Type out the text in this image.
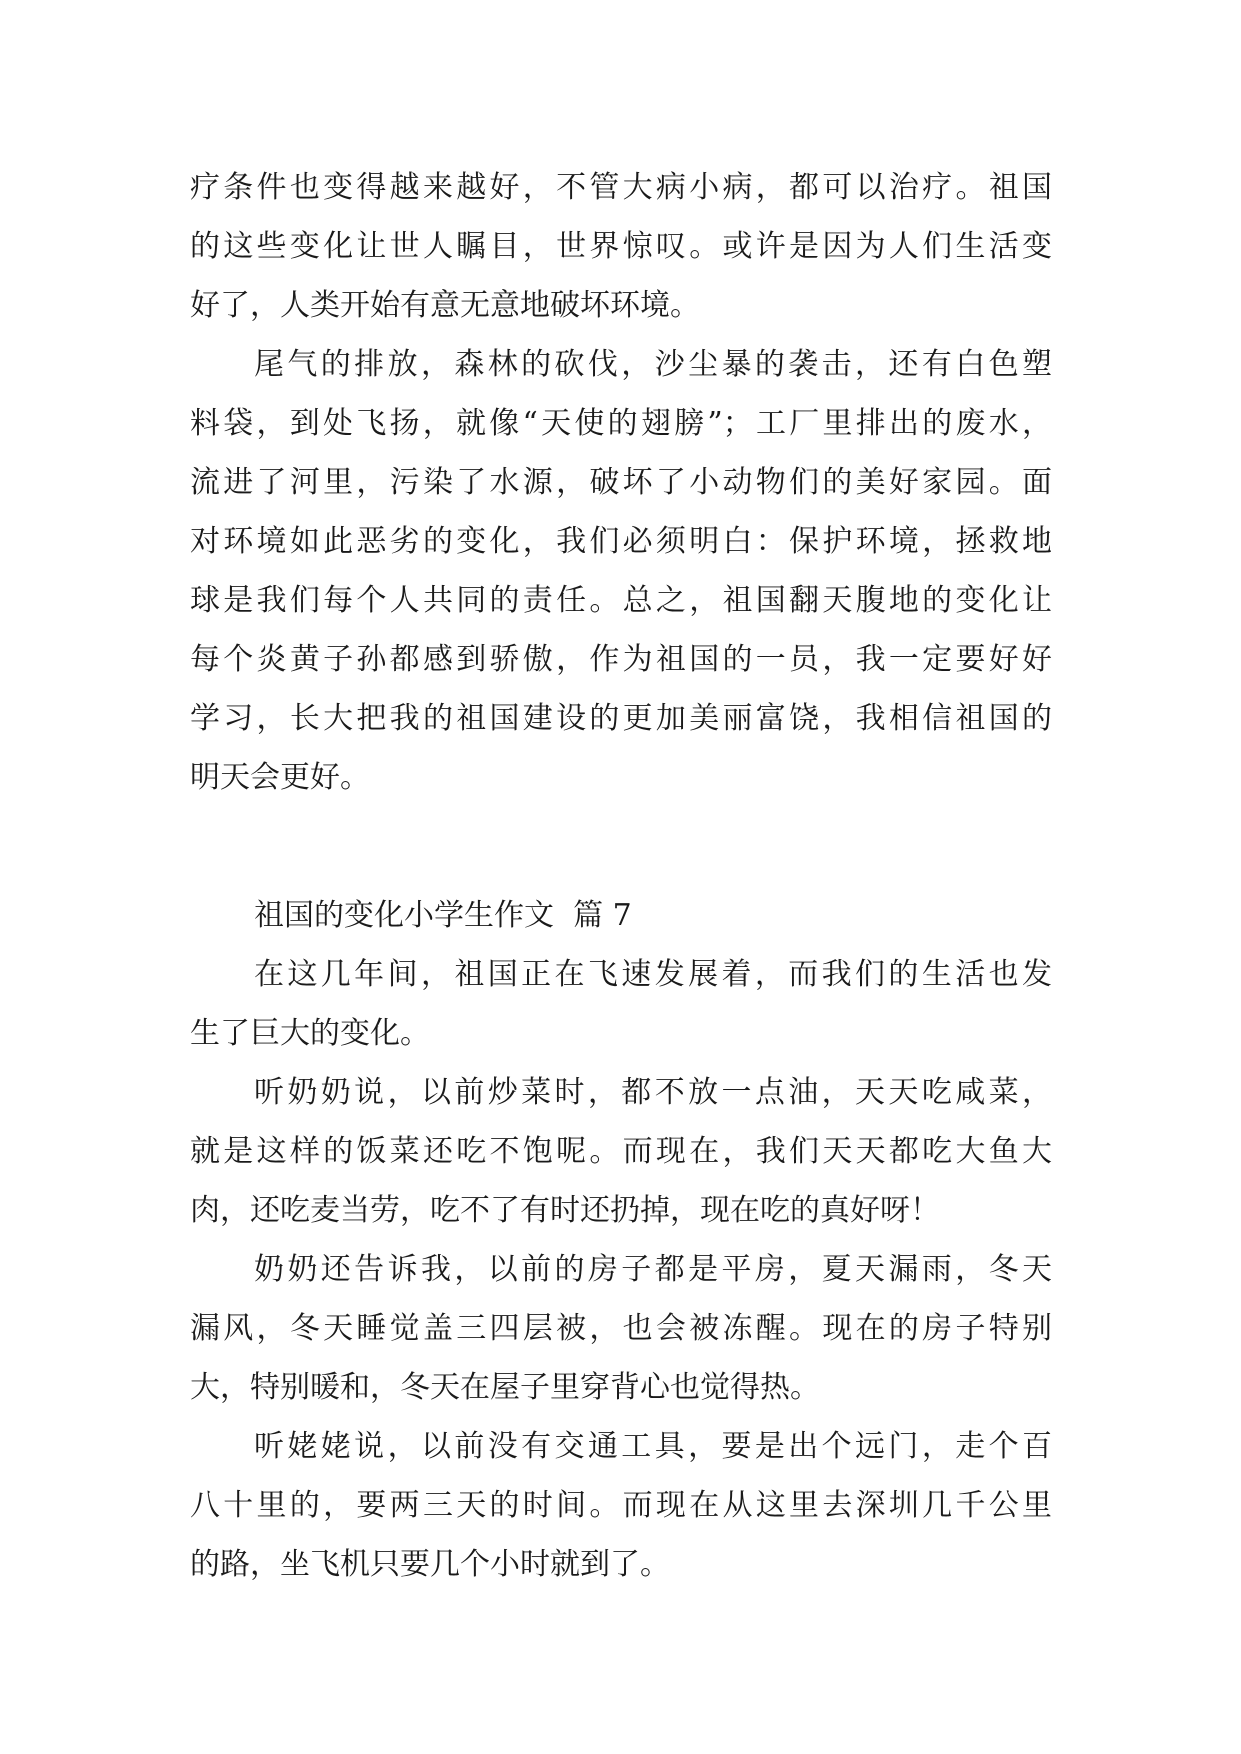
疗条件也变得越来越好，不管大病小病，都可以治疗。祖国
的这些变化让世人瞩目，世界惊叹。或许是因为人们生活变
好了，人类开始有意无意地破坏环境。
尾气的排放，森林的砍伐，沙尘暴的袭击，还有白色塑
料袋，到处飞扬，就像“天使的翅膀”；工厂里排出的废水，
流进了河里，污染了水源，破坏了小动物们的美好家园。面
对环境如此恶劣的变化，我们必须明白：保护环境，拯救地
球是我们每个人共同的责任。总之，祖国翻天腹地的变化让
每个炎黄子孙都感到骄傲，作为祖国的一员，我一定要好好
学习，长大把我的祖国建设的更加美丽富饶，我相信祖国的
明天会更好。
祖国的变化小学生作文  篇 7
在这几年间，祖国正在飞速发展着，而我们的生活也发
生了巨大的变化。
听奶奶说，以前炒菜时，都不放一点油，天天吃咸菜，
就是这样的饭菜还吃不饱呢。而现在，我们天天都吃大鱼大
肉，还吃麦当劳，吃不了有时还扔掉，现在吃的真好呀！
奶奶还告诉我，以前的房子都是平房，夏天漏雨，冬天
漏风，冬天睡觉盖三四层被，也会被冻醒。现在的房子特别
大，特别暖和，冬天在屋子里穿背心也觉得热。
听姥姥说，以前没有交通工具，要是出个远门，走个百
八十里的，要两三天的时间。而现在从这里去深圳几千公里
的路，坐飞机只要几个小时就到了。
